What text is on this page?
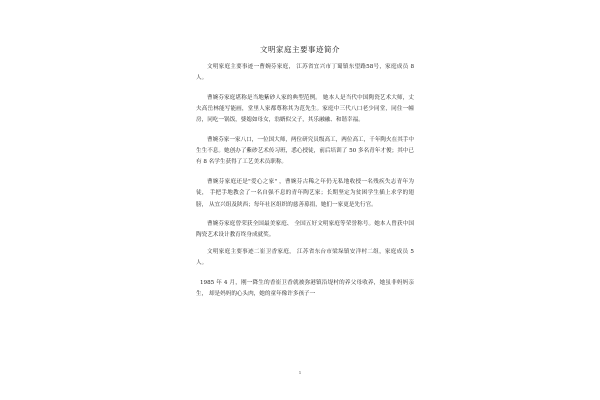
文明家庭主要事迹简介

文明家庭主要事迹一曹婉芬家庭， 江苏省宜兴市丁蜀镇东望路58号，家庭成员 8人。

曹婉芬家庭堪称是当地紫砂人家的典型范例。 她本人是当代中国陶瓷艺术大师，丈夫高岳林能写能画，堂里人家都尊称其为范先生。家庭中三代八口老少同堂，同住一幢房，同吃一锅饭，婆媳如母女，翁婿似父子，其乐融融、和谐幸福。

曹婉芬家一家八口，一位国大师，两位研究员级高工，两位高工，千年陶火在其手中生生不息。她创办了紫砂艺术传习班，悉心授徒，前后培训了 50 多名青年才俊；其中已有 8 名学生获得了工艺美术员职称。

曹婉芬家庭还是"爱心之家" ，曹婉芬古稀之年仍无私地收授一名残疾失志青年为徒， 手把手地教会了一名自强不息的青年陶艺家；长期坚定为贫困学生插上求学的翅膀， 从宜兴组及陕西；每年社区组织的慈善募捐，她们一家更是先行官。

曹婉芬家庭曾荣获全国最美家庭、 全国五好文明家庭等荣誉称号。她本人曾获中国陶瓷艺术设计教育终身成就奖。

文明家庭主要事迹二崔卫香家庭， 江苏省东台市梁垛镇安洋村二组，家庭成员 5 人。

1985 年 4 月，刚一降生的香崔卫香就被弥港镇沿堤村的养父母收养，她虽非妈妈亲生， 却是妈妈的心头肉，她的童年像许多孩子一

1
